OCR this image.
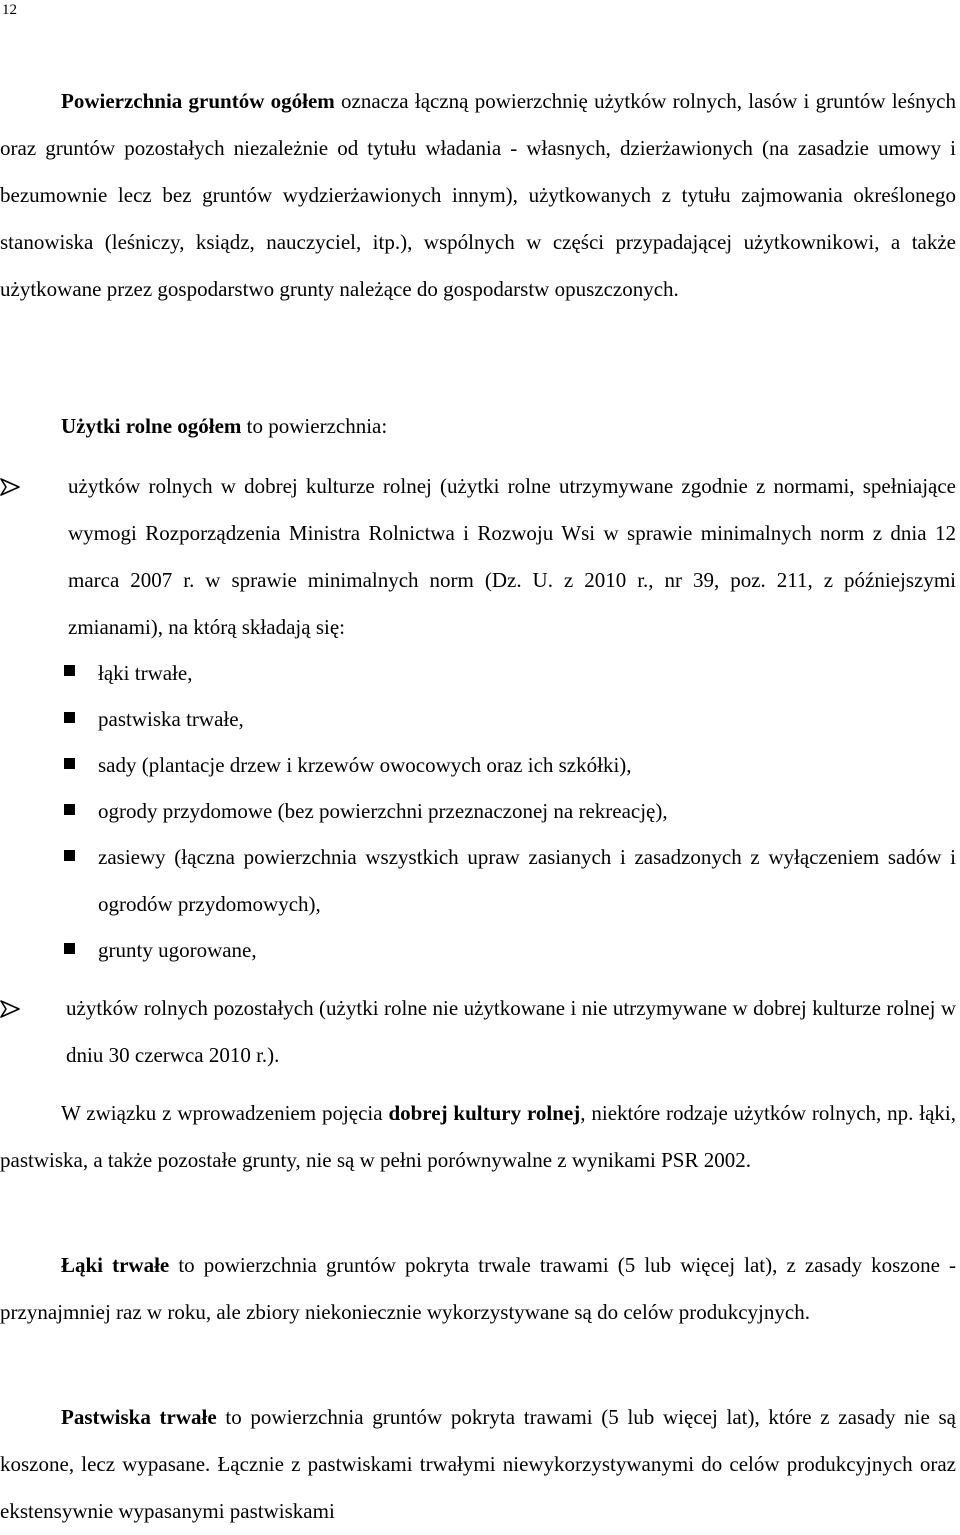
12

Powierzchnia gruntów ogółem oznacza łączną powierzchnię użytków rolnych, lasów i gruntów leśnych oraz gruntów pozostałych niezależnie od tytułu władania - własnych, dzierżawionych (na zasadzie umowy i bezumownie lecz bez gruntów wydzierżawionych innym), użytkowanych z tytułu zajmowania określonego stanowiska (leśniczy, ksiądz, nauczyciel, itp.), wspólnych w części przypadającej użytkownikowi, a także użytkowane przez gospodarstwo grunty należące do gospodarstw opuszczonych.

Użytki rolne ogółem to powierzchnia:

użytków rolnych w dobrej kulturze rolnej (użytki rolne utrzymywane zgodnie z normami, spełniające wymogi Rozporządzenia Ministra Rolnictwa i Rozwoju Wsi w sprawie minimalnych norm z dnia 12 marca 2007 r. w sprawie minimalnych norm (Dz. U. z 2010 r., nr 39, poz. 211, z późniejszymi zmianami), na którą składają się:

łąki trwałe,

pastwiska trwałe,

sady (plantacje drzew i krzewów owocowych oraz ich szkółki),

ogrody przydomowe (bez powierzchni przeznaczonej na rekreację),

zasiewy (łączna powierzchnia wszystkich upraw zasianych i zasadzonych z wyłączeniem sadów i ogrodów przydomowych),

grunty ugorowane,

użytków rolnych pozostałych (użytki rolne nie użytkowane i nie utrzymywane w dobrej kulturze rolnej w dniu 30 czerwca 2010 r.).

W związku z wprowadzeniem pojęcia dobrej kultury rolnej, niektóre rodzaje użytków rolnych, np. łąki, pastwiska, a także pozostałe grunty, nie są w pełni porównywalne z wynikami PSR 2002.

Łąki trwałe to powierzchnia gruntów pokryta trwale trawami (5 lub więcej lat), z zasady koszone - przynajmniej raz w roku, ale zbiory niekoniecznie wykorzystywane są do celów produkcyjnych.

Pastwiska trwałe to powierzchnia gruntów pokryta trawami (5 lub więcej lat), które z zasady nie są koszone, lecz wypasane. Łącznie z pastwiskami trwałymi niewykorzystywanymi do celów produkcyjnych oraz ekstensywnie wypasanymi pastwiskami
